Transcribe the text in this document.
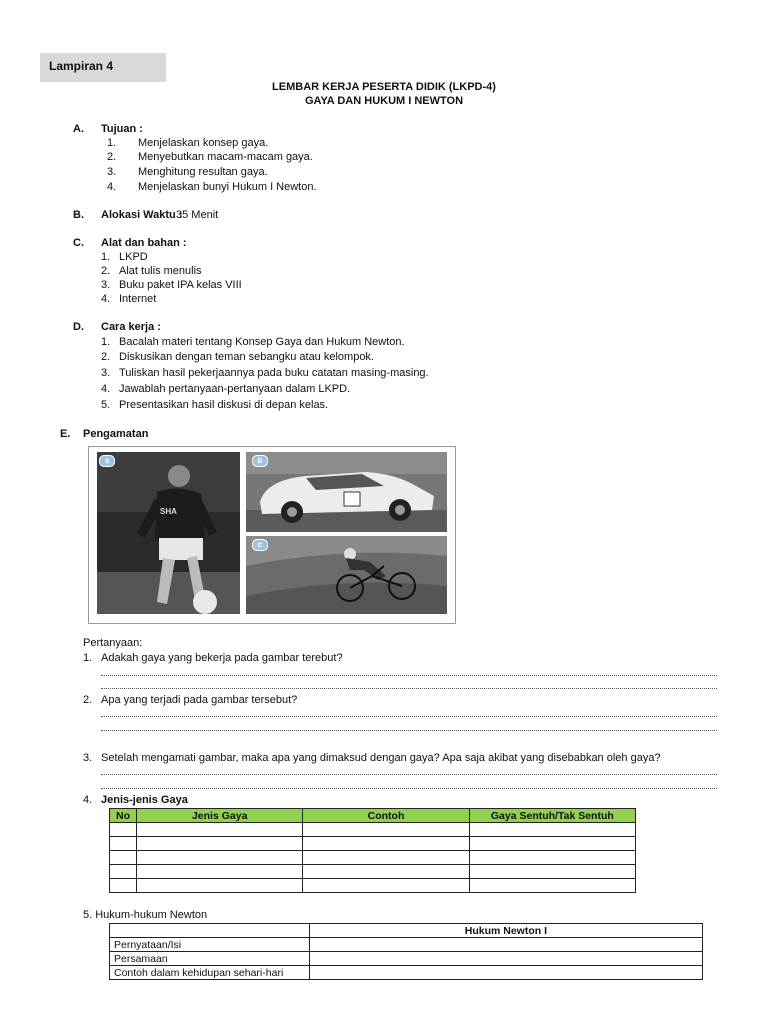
Lampiran 4
LEMBAR KERJA PESERTA DIDIK (LKPD-4)
GAYA DAN HUKUM I NEWTON
A. Tujuan :
1. Menjelaskan konsep gaya.
2. Menyebutkan macam-macam gaya.
3. Menghitung resultan gaya.
4. Menjelaskan bunyi Hukum I Newton.
B. Alokasi Waktu :
35 Menit
C. Alat dan bahan :
1. LKPD
2. Alat tulis menulis
3. Buku paket IPA kelas VIII
4. Internet
D. Cara kerja :
1. Bacalah materi tentang Konsep Gaya dan Hukum Newton.
2. Diskusikan dengan teman sebangku atau kelompok.
3. Tuliskan hasil pekerjaannya pada buku catatan masing-masing.
4. Jawablah pertanyaan-pertanyaan dalam LKPD.
5. Presentasikan hasil diskusi di depan kelas.
E. Pengamatan
a
SHA
b
c
Pertanyaan:
1. Adakah gaya yang bekerja pada gambar terebut?
2. Apa yang terjadi pada gambar tersebut?
3. Setelah mengamati gambar, maka apa yang dimaksud dengan gaya? Apa saja akibat yang disebabkan oleh gaya?
4. Jenis-jenis Gaya
No	Jenis Gaya	Contoh	Gaya Sentuh/Tak Sentuh

5. Hukum-hukum Newton
	Hukum Newton I
Pernyataan/Isi	
Persamaan	
Contoh dalam kehidupan sehari-hari	
